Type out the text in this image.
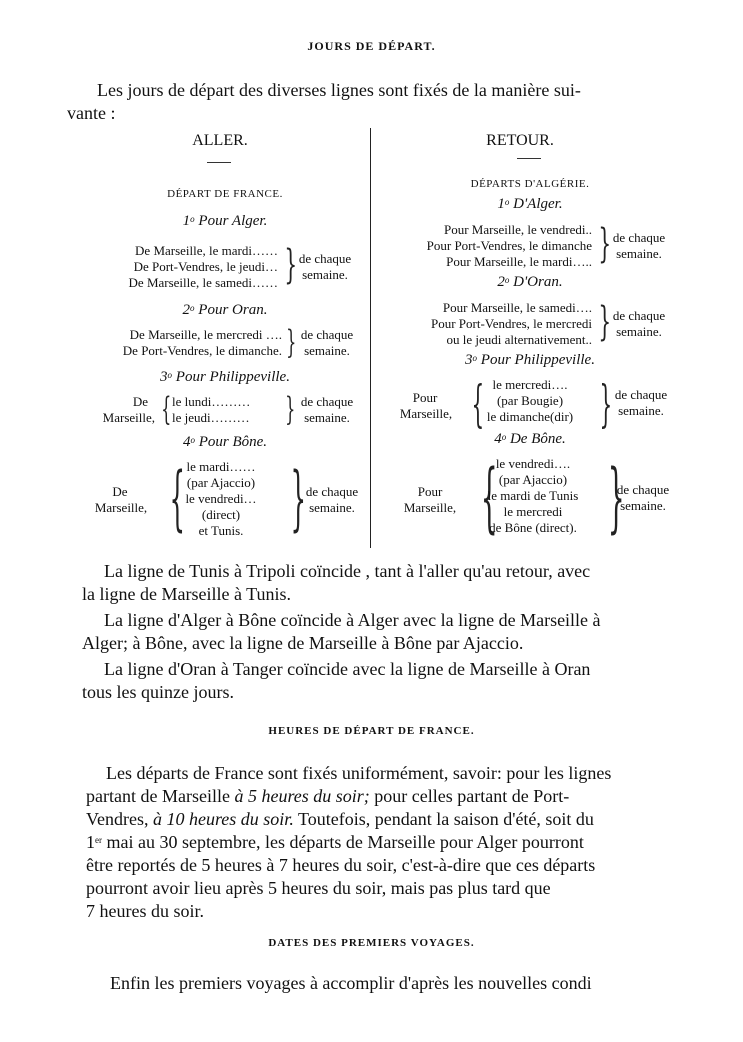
JOURS DE DÉPART.
Les jours de départ des diverses lignes sont fixés de la manière sui-
vante :
ALLER.
DÉPART DE FRANCE.
1$^o$ Pour Alger.
De Marseille, le mardi……
De Port-Vendres, le jeudi…
De Marseille, le samedi…… } de chaque
semaine.
2$^o$ Pour Oran.
De Marseille, le mercredi ….
De Port-Vendres, le dimanche. } de chaque
semaine.
3$^o$ Pour Philippeville.
De
Marseille, { le lundi………
le jeudi……… } de chaque
semaine.
4$^o$ Pour Bône.
De
Marseille, { le mardi……
(par Ajaccio)
le vendredi…
(direct)
et Tunis. } de chaque
semaine.
RETOUR.
DÉPARTS D'ALGÉRIE.
1$^o$ D'Alger.
Pour Marseille, le vendredi..
Pour Port-Vendres, le dimanche
Pour Marseille, le mardi….. } de chaque
semaine.
2$^o$ D'Oran.
Pour Marseille, le samedi….
Pour Port-Vendres, le mercredi
ou le jeudi alternativement.. } de chaque
semaine.
3$^o$ Pour Philippeville.
Pour
Marseille, { le mercredi….
(par Bougie)
le dimanche(dir) } de chaque
semaine.
4$^o$ De Bône.
Pour
Marseille, {
le vendredi….
(par Ajaccio)
le mardi de Tunis
le mercredi
de Bône (direct). }
de chaque
semaine.
La ligne de Tunis à Tripoli coïncide , tant à l'aller qu'au retour, avec
la ligne de Marseille à Tunis.
La ligne d'Alger à Bône coïncide à Alger avec la ligne de Marseille à
Alger; à Bône, avec la ligne de Marseille à Bône par Ajaccio.
La ligne d'Oran à Tanger coïncide avec la ligne de Marseille à Oran
tous les quinze jours.
HEURES DE DÉPART DE FRANCE.
Les départs de France sont fixés uniformément, savoir: pour les lignes
partant de Marseille à 5 heures du soir; pour celles partant de Port-
Vendres, à 10 heures du soir. Toutefois, pendant la saison d'été, soit du
1er mai au 30 septembre, les départs de Marseille pour Alger pourront
être reportés de 5 heures à 7 heures du soir, c'est-à-dire que ces départs
pourront avoir lieu après 5 heures du soir, mais pas plus tard que
7 heures du soir.
DATES DES PREMIERS VOYAGES.
Enfin les premiers voyages à accomplir d'après les nouvelles condi
